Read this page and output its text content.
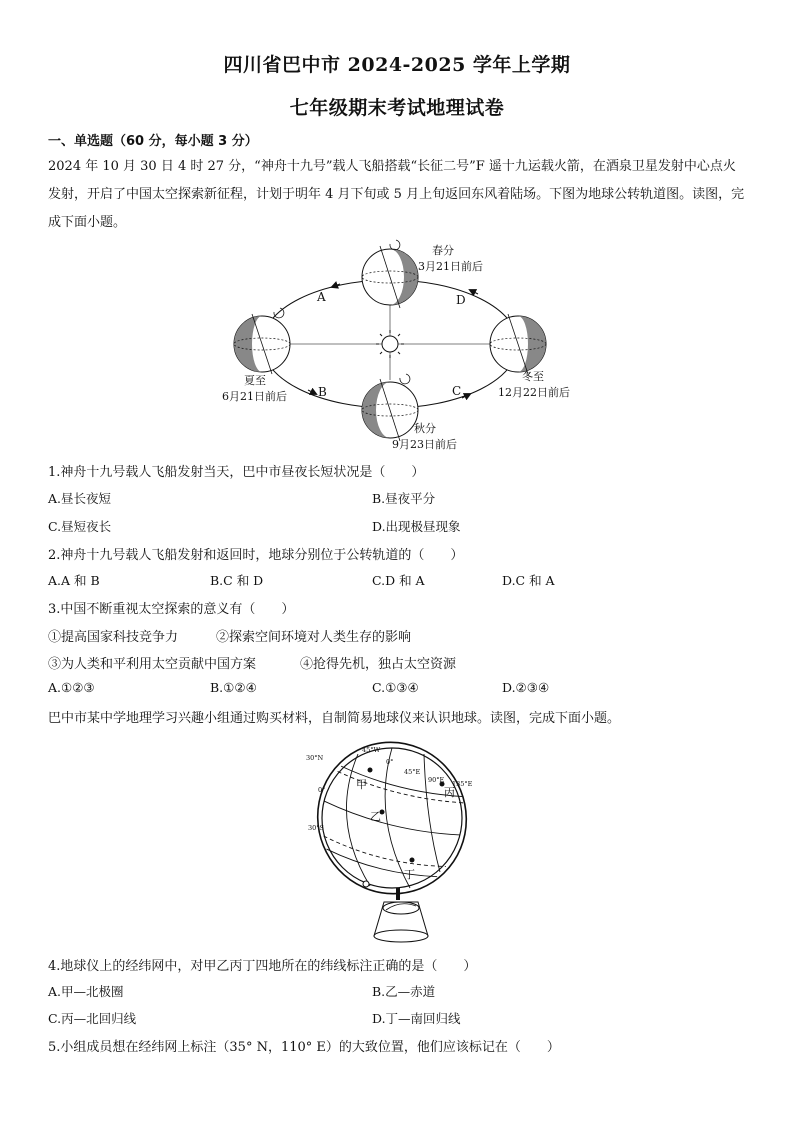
四川省巴中市 2024-2025 学年上学期
七年级期末考试地理试卷
一、单选题（60 分，每小题 3 分）
2024 年 10 月 30 日 4 时 27 分，“神舟十九号”载人飞船搭载“长征二号”F 遥十九运载火箭，在酒泉卫星发射中心点火发射，开启了中国太空探索新征程，计划于明年 4 月下旬或 5 月上旬返回东风着陆场。下图为地球公转轨道图。读图，完成下面小题。
春分
3月21日前后
夏至
6月21日前后
秋分
9月23日前后
冬至
12月22日前后
A
B	C
D
1.神舟十九号载人飞船发射当天，巴中市昼夜长短状况是（　　）
A.昼长夜短	B.昼夜平分
C.昼短夜长	D.出现极昼现象
2.神舟十九号载人飞船发射和返回时，地球分别位于公转轨道的（　　）
A.A 和 B	B.C 和 D	C.D 和 A	D.C 和 A
3.中国不断重视太空探索的意义有（　　）
①提高国家科技竞争力	②探索空间环境对人类生存的影响
③为人类和平利用太空贡献中国方案	④抢得先机，独占太空资源
A.①②③	B.①②④	C.①③④	D.②③④
巴中市某中学地理学习兴趣小组通过购买材料，自制简易地球仪来认识地球。读图，完成下面小题。
30°N
0°
30°S
45°W
0°
45°E
90°E 135°E
甲
乙
丙
丁
4.地球仪上的经纬网中，对甲乙丙丁四地所在的纬线标注正确的是（　　）
A.甲—北极圈	B.乙—赤道
C.丙—北回归线	D.丁—南回归线
5.小组成员想在经纬网上标注（35° N，110° E）的大致位置，他们应该标记在（　　）
